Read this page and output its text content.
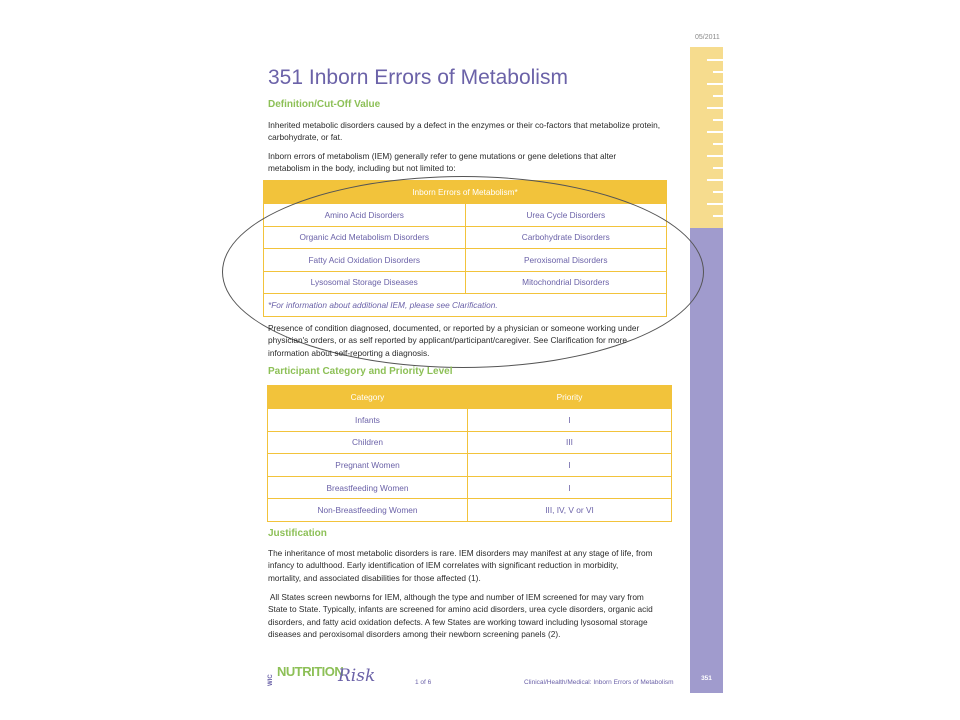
05/2011
351 Inborn Errors of Metabolism
Definition/Cut-Off Value
Inherited metabolic disorders caused by a defect in the enzymes or their co-factors that metabolize protein,
carbohydrate, or fat.
Inborn errors of metabolism (IEM) generally refer to gene mutations or gene deletions that alter
metabolism in the body, including but not limited to:
Inborn Errors of Metabolism*	
Amino Acid Disorders	Urea Cycle Disorders
Organic Acid Metabolism Disorders	Carbohydrate Disorders
Fatty Acid Oxidation Disorders	Peroxisomal Disorders
Lysosomal Storage Diseases	Mitochondrial Disorders
*For information about additional IEM, please see Clarification.	
Presence of condition diagnosed, documented, or reported by a physician or someone working under
physician's orders, or as self reported by applicant/participant/caregiver. See Clarification for more
information about self-reporting a diagnosis.
Participant Category and Priority Level
Category	Priority
Infants	I
Children	III
Pregnant Women	I
Breastfeeding Women	I
Non-Breastfeeding Women	III, IV, V or VI
Justification
The inheritance of most metabolic disorders is rare. IEM disorders may manifest at any stage of life, from
infancy to adulthood. Early identification of IEM correlates with significant reduction in morbidity,
mortality, and associated disabilities for those affected (1).
All States screen newborns for IEM, although the type and number of IEM screened for may vary from
State to State. Typically, infants are screened for amino acid disorders, urea cycle disorders, organic acid
disorders, and fatty acid oxidation defects. A few States are working toward including lysosomal storage
diseases and peroxisomal disorders among their newborn screening panels (2).
WIC
NUTRITION
Risk	1 of 6	Clinical/Health/Medical: Inborn Errors of Metabolism
351
